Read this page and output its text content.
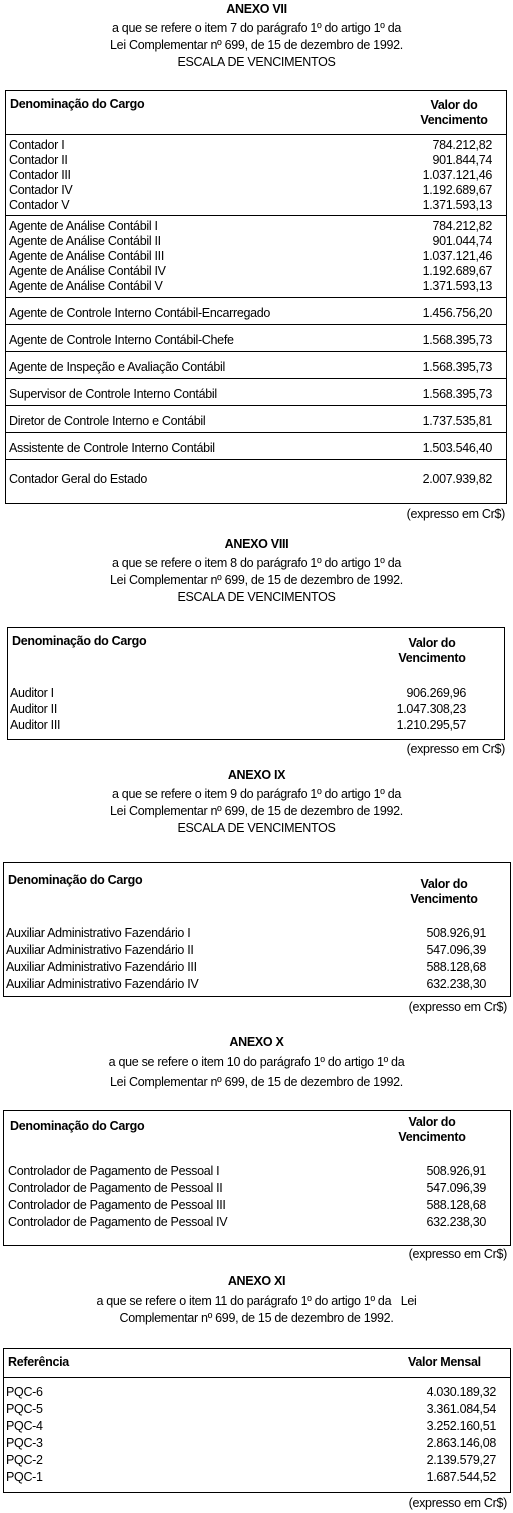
ANEXO VII
a que se refere o item 7 do parágrafo 1º do artigo 1º da
Lei Complementar nº 699, de 15 de dezembro de 1992.
ESCALA DE VENCIMENTOS
Denominação do Cargo	Valor do
Vencimento
Contador I	784.212,82
Contador II	901.844,74
Contador III	1.037.121,46
Contador IV	1.192.689,67
Contador V	1.371.593,13
Agente de Análise Contábil I	784.212,82
Agente de Análise Contábil II	901.044,74
Agente de Análise Contábil III	1.037.121,46
Agente de Análise Contábil IV	1.192.689,67
Agente de Análise Contábil V	1.371.593,13
Agente de Controle Interno Contábil-Encarregado	1.456.756,20
Agente de Controle Interno Contábil-Chefe	1.568.395,73
Agente de Inspeção e Avaliação Contábil	1.568.395,73
Supervisor de Controle Interno Contábil	1.568.395,73
Diretor de Controle Interno e Contábil	1.737.535,81
Assistente de Controle Interno Contábil	1.503.546,40
Contador Geral do Estado	2.007.939,82
(expresso em Cr$)
ANEXO VIII
a que se refere o item 8 do parágrafo 1º do artigo 1º da
Lei Complementar nº 699, de 15 de dezembro de 1992.
ESCALA DE VENCIMENTOS
Denominação do Cargo	Valor do
Vencimento
Auditor I	906.269,96
Auditor II	1.047.308,23
Auditor III	1.210.295,57
(expresso em Cr$)
ANEXO IX
a que se refere o item 9 do parágrafo 1º do artigo 1º da
Lei Complementar nº 699, de 15 de dezembro de 1992.
ESCALA DE VENCIMENTOS
Denominação do Cargo	Valor do
Vencimento
Auxiliar Administrativo Fazendário I	508.926,91
Auxiliar Administrativo Fazendário II	547.096,39
Auxiliar Administrativo Fazendário III	588.128,68
Auxiliar Administrativo Fazendário IV	632.238,30
(expresso em Cr$)
ANEXO X
a que se refere o item 10 do parágrafo 1º do artigo 1º da
Lei Complementar nº 699, de 15 de dezembro de 1992.
Denominação do Cargo	Valor do
Vencimento
Controlador de Pagamento de Pessoal I	508.926,91
Controlador de Pagamento de Pessoal II	547.096,39
Controlador de Pagamento de Pessoal III	588.128,68
Controlador de Pagamento de Pessoal IV	632.238,30
(expresso em Cr$)
ANEXO XI
a que se refere o item 11 do parágrafo 1º do artigo 1º da   Lei
Complementar nº 699, de 15 de dezembro de 1992.
Referência	Valor Mensal
PQC-6	4.030.189,32
PQC-5	3.361.084,54
PQC-4	3.252.160,51
PQC-3	2.863.146,08
PQC-2	2.139.579,27
PQC-1	1.687.544,52
(expresso em Cr$)
